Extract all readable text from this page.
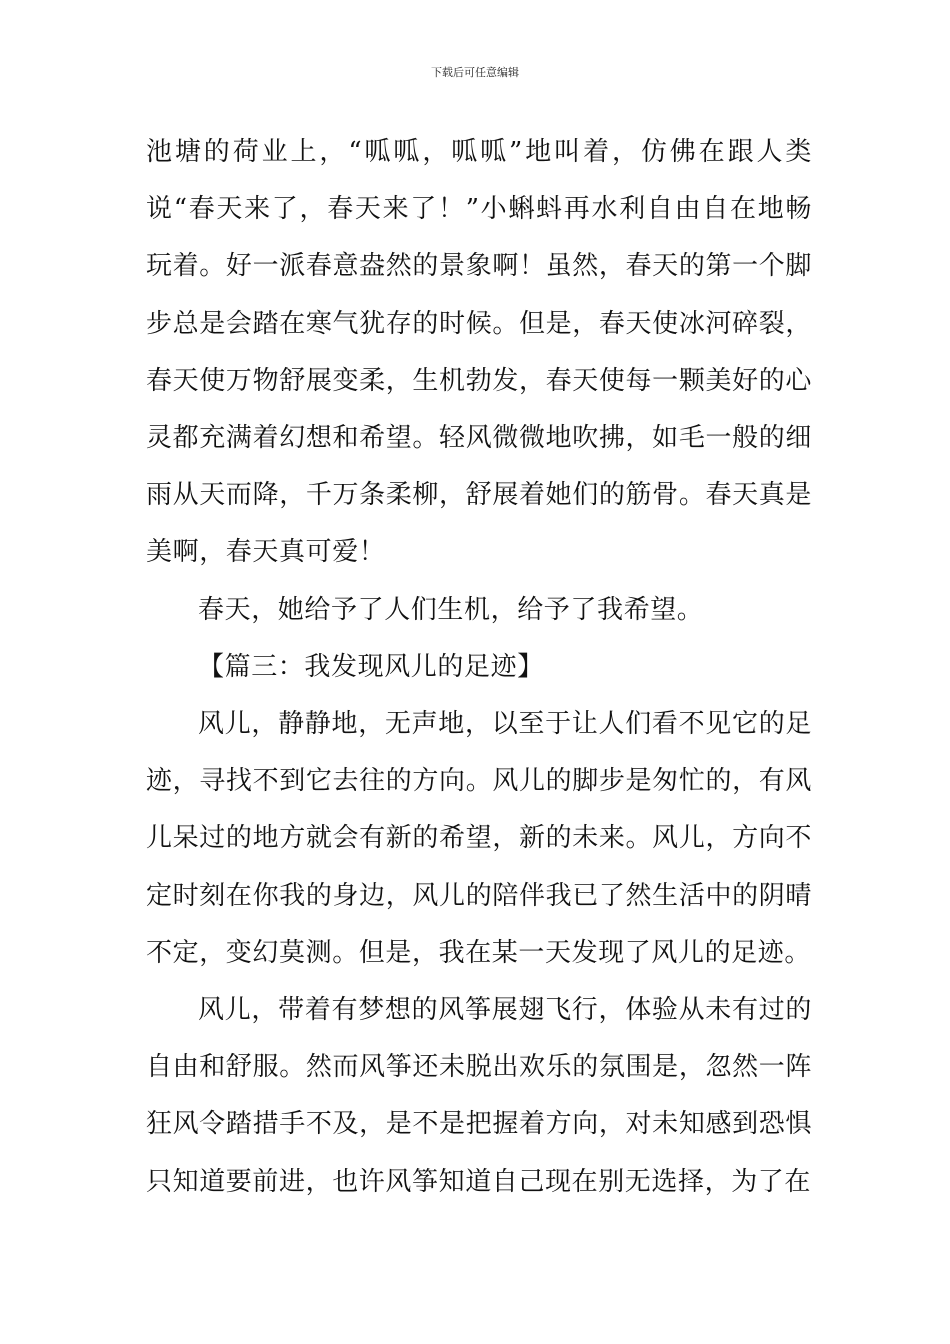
下载后可任意编辑

池塘的荷业上，“呱呱，呱呱”地叫着，仿佛在跟人类说“春天来了，春天来了！”小蝌蚪再水利自由自在地畅玩着。好一派春意盎然的景象啊！虽然，春天的第一个脚步总是会踏在寒气犹存的时候。但是，春天使冰河碎裂，春天使万物舒展变柔，生机勃发，春天使每一颗美好的心灵都充满着幻想和希望。轻风微微地吹拂，如毛一般的细雨从天而降，千万条柔柳，舒展着她们的筋骨。春天真是美啊，春天真可爱！

春天，她给予了人们生机，给予了我希望。

【篇三：我发现风儿的足迹】

风儿，静静地，无声地，以至于让人们看不见它的足迹，寻找不到它去往的方向。风儿的脚步是匆忙的，有风儿呆过的地方就会有新的希望，新的未来。风儿，方向不定时刻在你我的身边，风儿的陪伴我已了然生活中的阴晴不定，变幻莫测。但是，我在某一天发现了风儿的足迹。

风儿，带着有梦想的风筝展翅飞行，体验从未有过的自由和舒服。然而风筝还未脱出欢乐的氛围是，忽然一阵狂风令踏措手不及，是不是把握着方向，对未知感到恐惧只知道要前进，也许风筝知道自己现在别无选择，为了在
